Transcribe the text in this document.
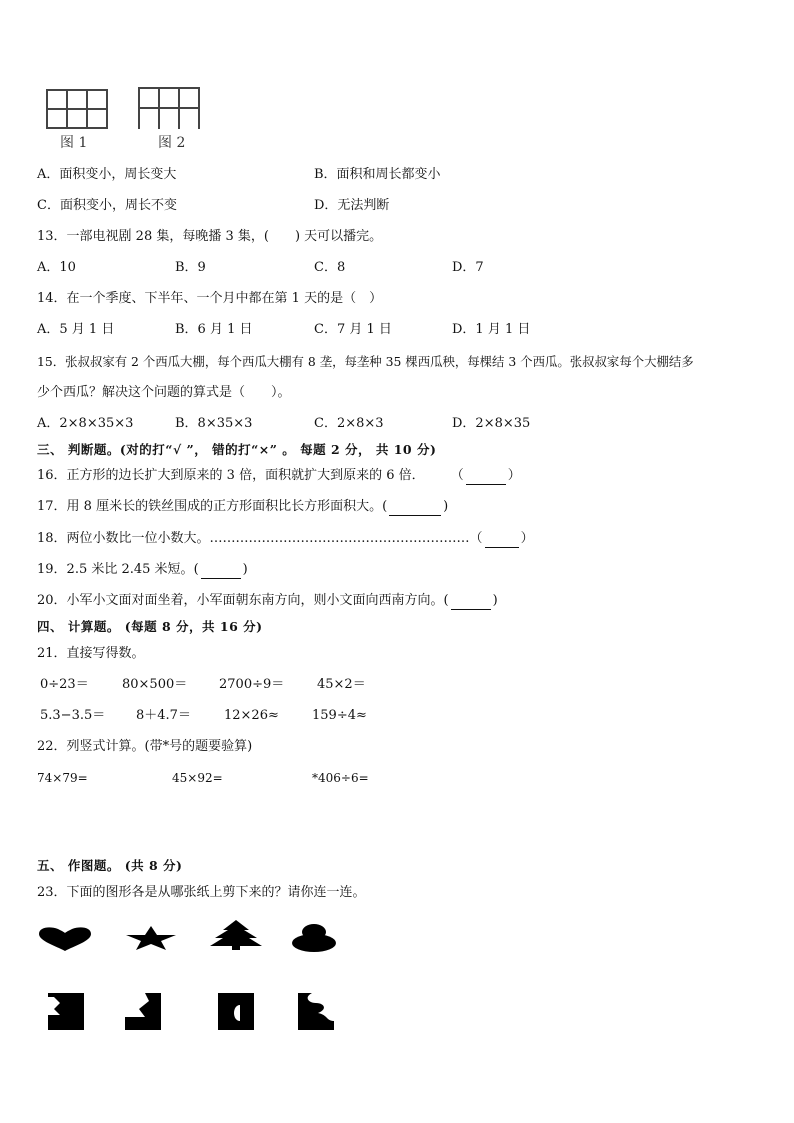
图 1	图 2
A．面积变小，周长变大	B．面积和周长都变小
C．面积变小，周长不变	D．无法判断
13．一部电视剧 28 集，每晚播 3 集，(　　) 天可以播完。
A．10	B．9	C．8	D．7
14．在一个季度、下半年、一个月中都在第 1 天的是（　）
A．5 月 1 日	B．6 月 1 日	C．7 月 1 日	D．1 月 1 日
15．张叔叔家有 2 个西瓜大棚，每个西瓜大棚有 8 垄，每垄种 35 棵西瓜秧，每棵结 3 个西瓜。张叔叔家每个大棚结多
少个西瓜？解决这个问题的算式是（　　）。
A．2×8×35×3	B．8×35×3	C．2×8×3	D．2×8×35
三、 判断题。(对的打“√ ”， 错的打“×” 。 每题 2 分， 共 10 分)
16．正方形的边长扩大到原来的 3 倍，面积就扩大到原来的 6 倍． （	）
17．用 8 厘米长的铁丝围成的正方形面积比长方形面积大。(	)
18．两位小数比一位小数大。……………………………………………………（	）
19．2.5 米比 2.45 米短。(	)
20．小军小文面对面坐着，小军面朝东南方向，则小文面向西南方向。(	)
四、 计算题。 (每题 8 分，共 16 分)
21．直接写得数。
0÷23＝	80×500＝ 2700÷9＝	45×2＝
5.3−3.5＝ 8＋4.7＝	12×26≈	159÷4≈
22．列竖式计算。(带*号的题要验算)
74×79=	45×92=	*406÷6=
五、 作图题。 (共 8 分)
23．下面的图形各是从哪张纸上剪下来的？请你连一连。
